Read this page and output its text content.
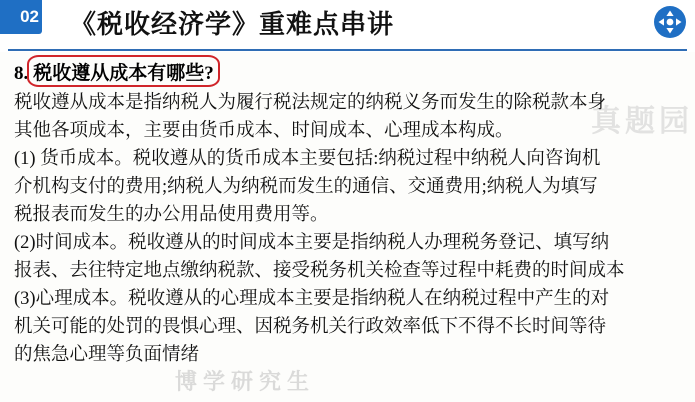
02 《税收经济学》重难点串讲

8. 税收遵从成本有哪些?

税收遵从成本是指纳税人为履行税法规定的纳税义务而发生的除税款本身

其他各项成本，主要由货币成本、时间成本、心理成本构成。

(1) 货币成本。税收遵从的货币成本主要包括:纳税过程中纳税人向咨询机

介机构支付的费用;纳税人为纳税而发生的通信、交通费用;纳税人为填写

税报表而发生的办公用品使用费用等。

(2)时间成本。税收遵从的时间成本主要是指纳税人办理税务登记、填写纳

报表、去往特定地点缴纳税款、接受税务机关检查等过程中耗费的时间成本

(3)心理成本。税收遵从的心理成本主要是指纳税人在纳税过程中产生的对

机关可能的处罚的畏惧心理、因税务机关行政效率低下不得不长时间等待

的焦急心理等负面情绪

真题园
博学研究生
